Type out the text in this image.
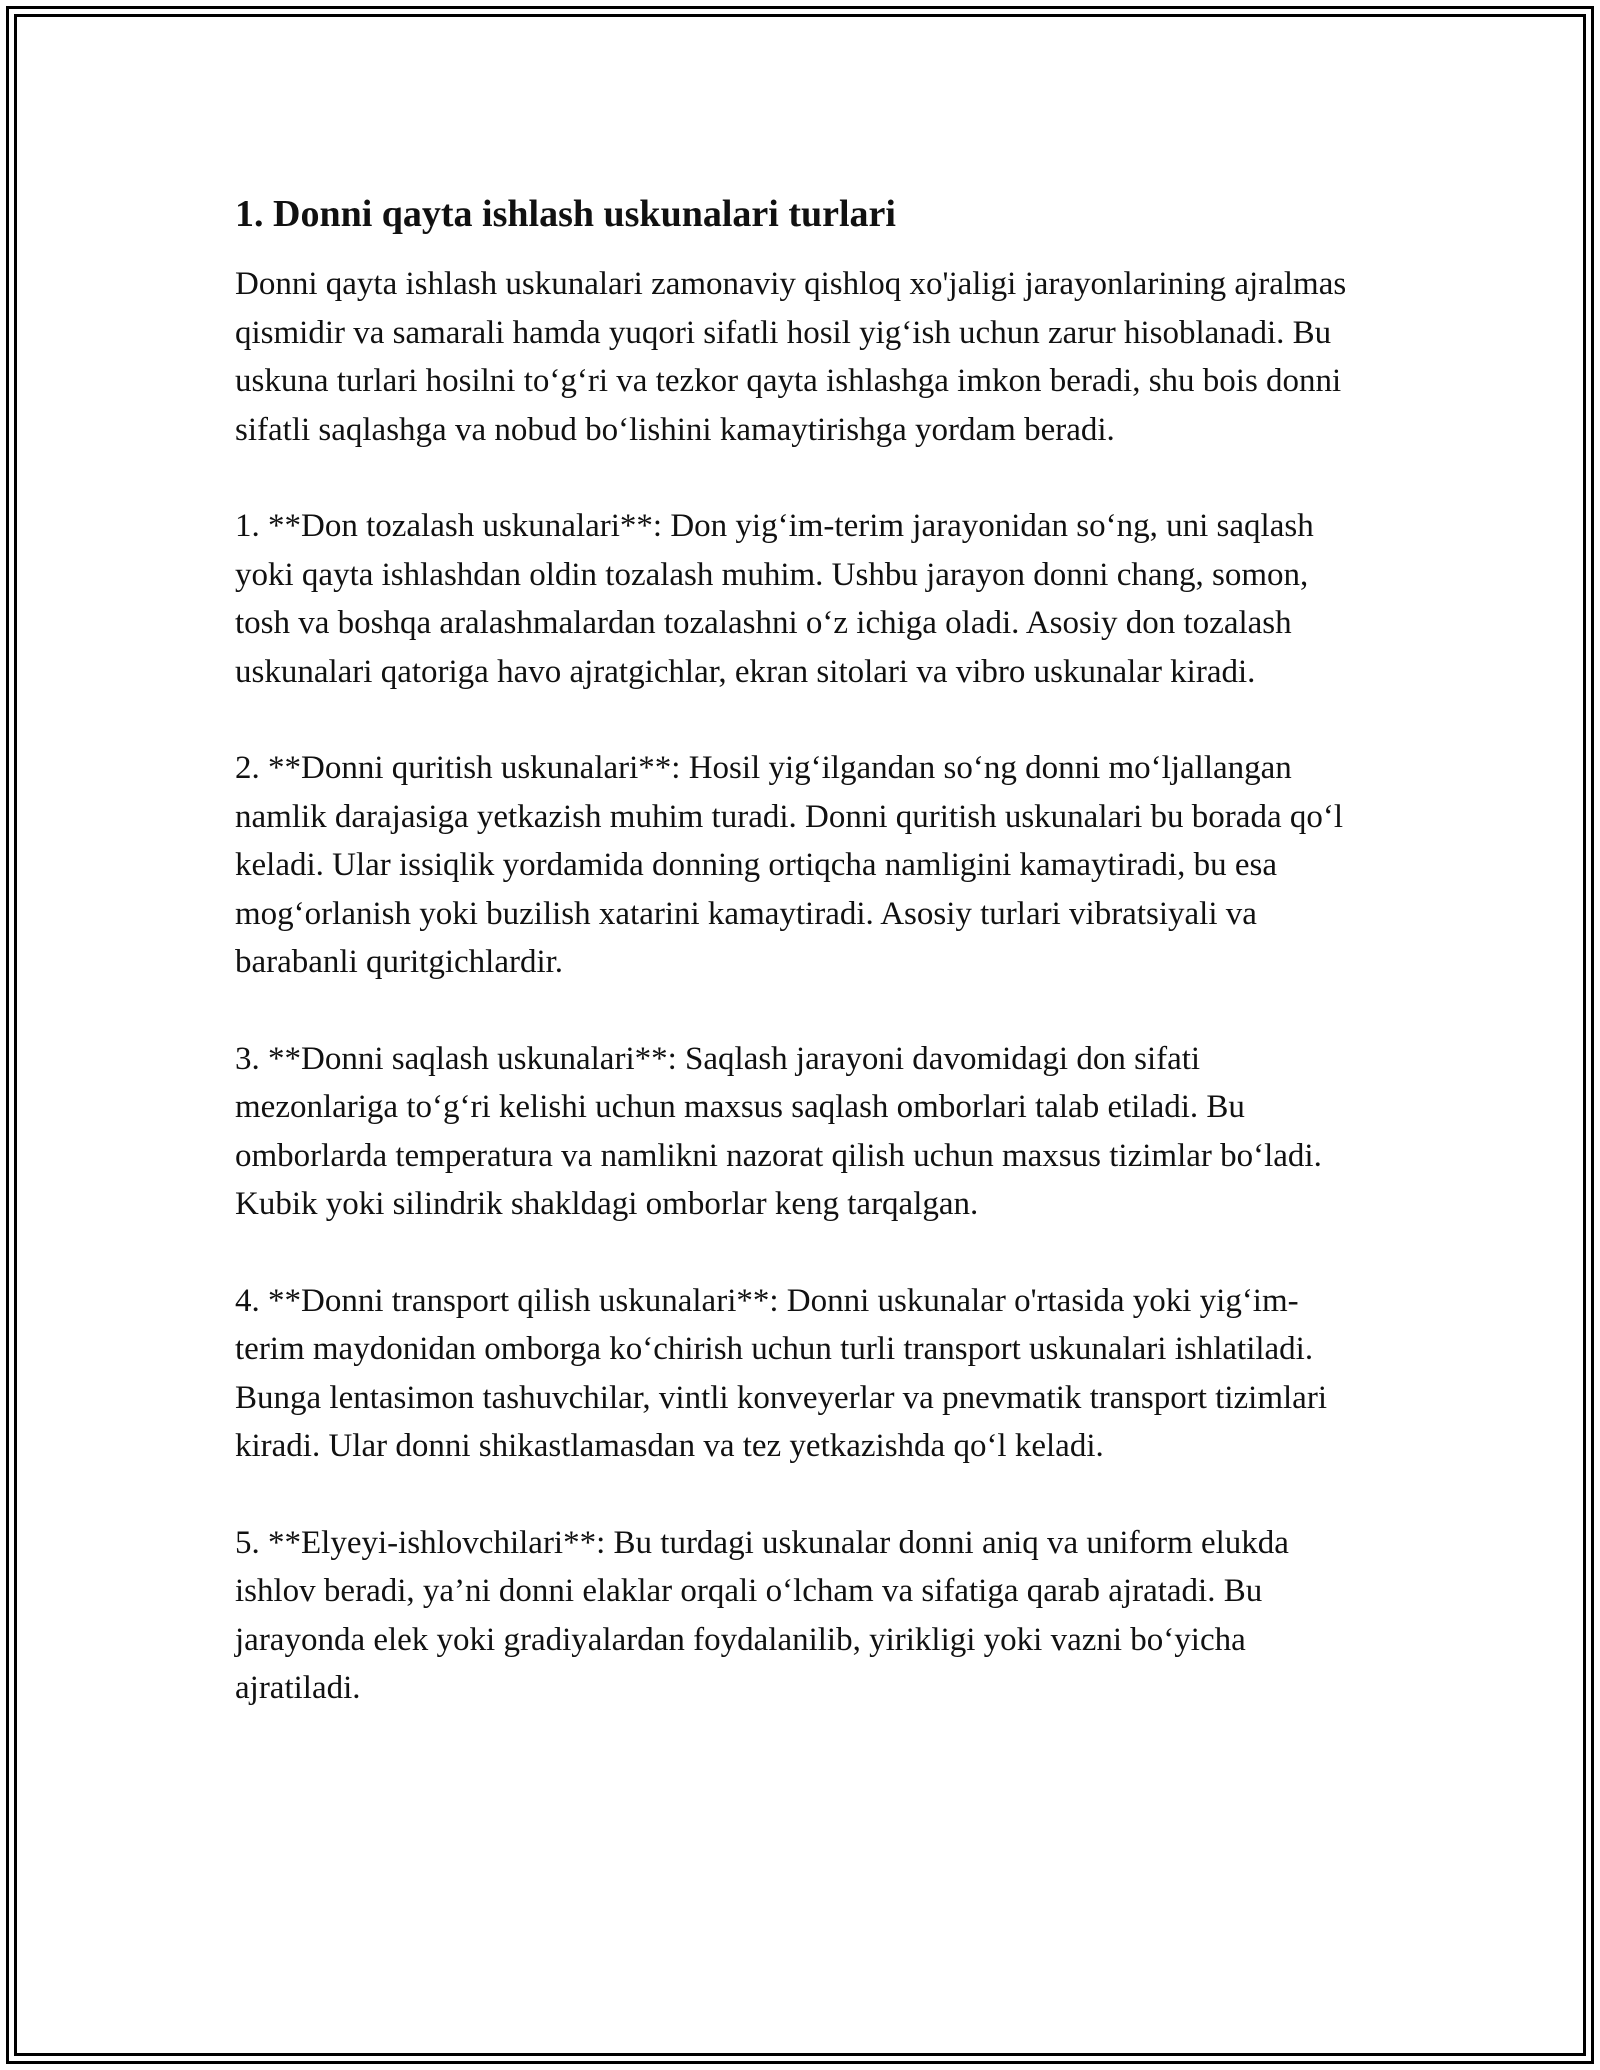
1. Donni qayta ishlash uskunalari turlari

Donni qayta ishlash uskunalari zamonaviy qishloq xo'jaligi jarayonlarining ajralmas qismidir va samarali hamda yuqori sifatli hosil yig‘ish uchun zarur hisoblanadi. Bu uskuna turlari hosilni to‘g‘ri va tezkor qayta ishlashga imkon beradi, shu bois donni sifatli saqlashga va nobud bo‘lishini kamaytirishga yordam beradi.

1. **Don tozalash uskunalari**: Don yig‘im-terim jarayonidan so‘ng, uni saqlash yoki qayta ishlashdan oldin tozalash muhim. Ushbu jarayon donni chang, somon, tosh va boshqa aralashmalardan tozalashni o‘z ichiga oladi. Asosiy don tozalash uskunalari qatoriga havo ajratgichlar, ekran sitolari va vibro uskunalar kiradi.

2. **Donni quritish uskunalari**: Hosil yig‘ilgandan so‘ng donni mo‘ljallangan namlik darajasiga yetkazish muhim turadi. Donni quritish uskunalari bu borada qo‘l keladi. Ular issiqlik yordamida donning ortiqcha namligini kamaytiradi, bu esa mog‘orlanish yoki buzilish xatarini kamaytiradi. Asosiy turlari vibratsiyali va barabanli quritgichlardir.

3. **Donni saqlash uskunalari**: Saqlash jarayoni davomidagi don sifati mezonlariga to‘g‘ri kelishi uchun maxsus saqlash omborlari talab etiladi. Bu omborlarda temperatura va namlikni nazorat qilish uchun maxsus tizimlar bo‘ladi. Kubik yoki silindrik shakldagi omborlar keng tarqalgan.

4. **Donni transport qilish uskunalari**: Donni uskunalar o'rtasida yoki yig‘im-terim maydonidan omborga ko‘chirish uchun turli transport uskunalari ishlatiladi. Bunga lentasimon tashuvchilar, vintli konveyerlar va pnevmatik transport tizimlari kiradi. Ular donni shikastlamasdan va tez yetkazishda qo‘l keladi.

5. **Elyeyi-ishlovchilari**: Bu turdagi uskunalar donni aniq va uniform elukda ishlov beradi, ya’ni donni elaklar orqali o‘lcham va sifatiga qarab ajratadi. Bu jarayonda elek yoki gradiyalardan foydalanilib, yirikligi yoki vazni bo‘yicha ajratiladi.
